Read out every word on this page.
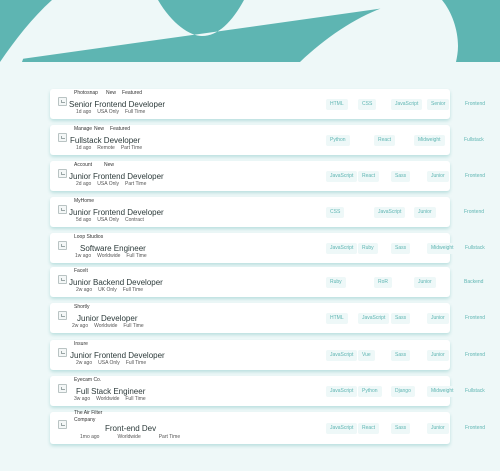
Photosnap New Featured
Senior Frontend Developer
1d ago USA Only Full Time
HTML	CSS	JavaScript	Senior	Frontend
Manage New Featured
Fullstack Developer
1d ago Remote Part Time
Python	React	Midweight	Fullstack
Account New
Junior Frontend Developer
2d ago USA Only Part Time
JavaScript	React	Sass	Junior	Frontend
MyHome
Junior Frontend Developer
5d ago USA Only Contract
CSS	JavaScript	Junior	Frontend
Loop Studios
Software Engineer
1w ago Worldwide Full Time
JavaScript	Ruby	Sass	Midweight	Fullstack
FaceIt
Junior Backend Developer
2w ago UK Only Full Time
Ruby	RoR	Junior	Backend
Shortly
Junior Developer
2w ago Worldwide Full Time
HTML	JavaScript	Sass	Junior	Frontend
Insure
Junior Frontend Developer
2w ago USA Only Full Time
JavaScript	Vue	Sass	Junior	Frontend
Eyecam Co.
Full Stack Engineer
3w ago Worldwide Full Time
JavaScript	Python	Django	Midweight	Fullstack
The Air Filter Company
Front-end Dev
1mo ago	Worldwide	Part Time
JavaScript	React	Sass	Junior	Frontend
